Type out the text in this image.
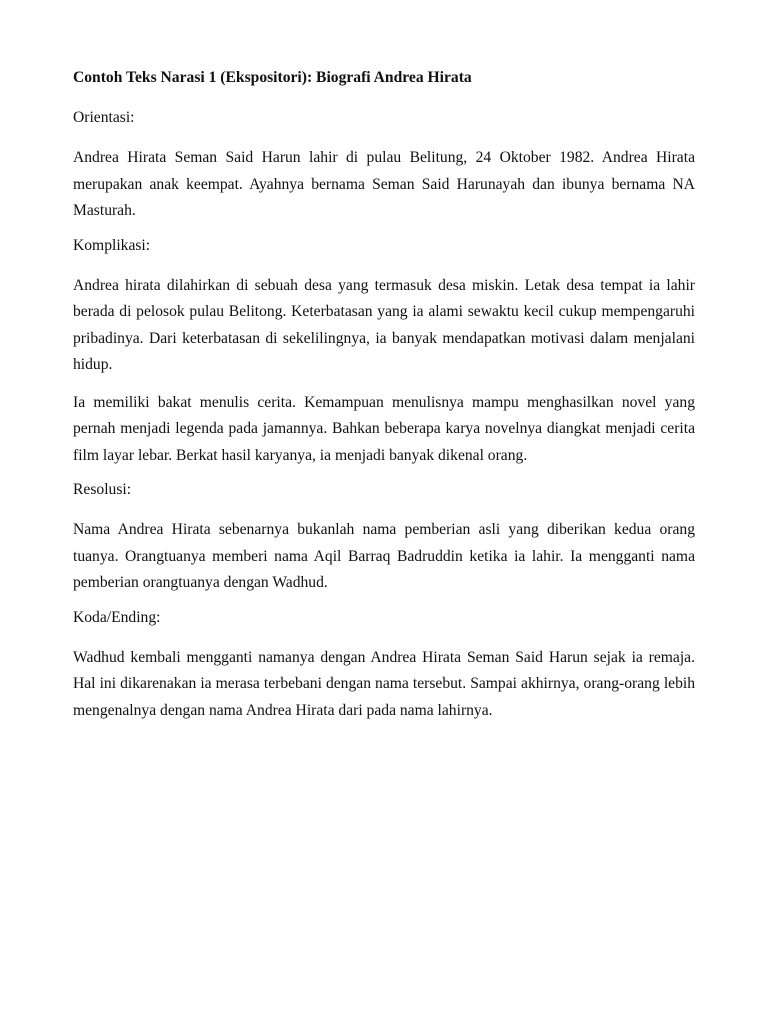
Contoh Teks Narasi 1 (Ekspositori): Biografi Andrea Hirata

Orientasi:

Andrea Hirata Seman Said Harun lahir di pulau Belitung, 24 Oktober 1982. Andrea Hirata merupakan anak keempat. Ayahnya bernama Seman Said Harunayah dan ibunya bernama NA Masturah.

Komplikasi:

Andrea hirata dilahirkan di sebuah desa yang termasuk desa miskin. Letak desa tempat ia lahir berada di pelosok pulau Belitong. Keterbatasan yang ia alami sewaktu kecil cukup mempengaruhi pribadinya. Dari keterbatasan di sekelilingnya, ia banyak mendapatkan motivasi dalam menjalani hidup.

Ia memiliki bakat menulis cerita. Kemampuan menulisnya mampu menghasilkan novel yang pernah menjadi legenda pada jamannya. Bahkan beberapa karya novelnya diangkat menjadi cerita film layar lebar. Berkat hasil karyanya, ia menjadi banyak dikenal orang.

Resolusi:

Nama Andrea Hirata sebenarnya bukanlah nama pemberian asli yang diberikan kedua orang tuanya. Orangtuanya memberi nama Aqil Barraq Badruddin ketika ia lahir. Ia mengganti nama pemberian orangtuanya dengan Wadhud.

Koda/Ending:

Wadhud kembali mengganti namanya dengan Andrea Hirata Seman Said Harun sejak ia remaja. Hal ini dikarenakan ia merasa terbebani dengan nama tersebut. Sampai akhirnya, orang-orang lebih mengenalnya dengan nama Andrea Hirata dari pada nama lahirnya.
